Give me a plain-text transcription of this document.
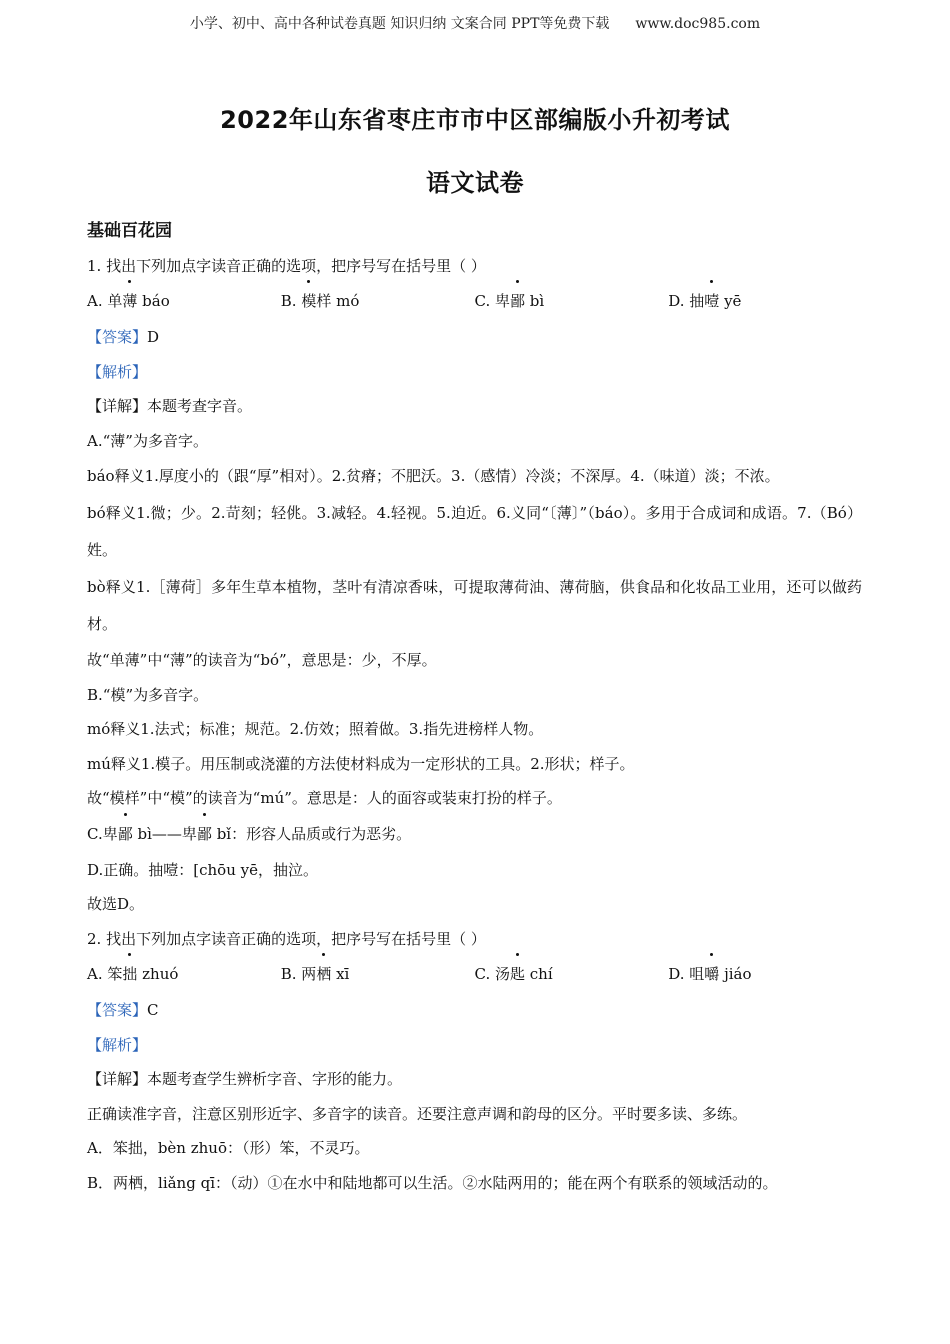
小学、初中、高中各种试卷真题 知识归纳 文案合同 PPT等免费下载 www.doc985.com
2022年山东省枣庄市市中区部编版小升初考试
语文试卷
基础百花园
1. 找出下列加点字读音正确的选项，把序号写在括号里（ ）
A. 单薄 báo	B. 模样 mó	C. 卑鄙 bì	D. 抽噎 yē
【答案】D
【解析】
【详解】本题考查字音。
A.“薄”为多音字。
báo释义1.厚度小的（跟“厚”相对）。2.贫瘠；不肥沃。3.（感情）冷淡；不深厚。4.（味道）淡；不浓。
bó释义1.微；少。2.苛刻；轻佻。3.减轻。4.轻视。5.迫近。6.义同“〔薄〕”（báo）。多用于合成词和成语。7.（Bó）姓。
bò释义1.［薄荷］多年生草本植物，茎叶有清凉香味，可提取薄荷油、薄荷脑，供食品和化妆品工业用，还可以做药材。
故“单薄”中“薄”的读音为“bó”，意思是：少，不厚。
B.“模”为多音字。
mó释义1.法式；标准；规范。2.仿效；照着做。3.指先进榜样人物。
mú释义1.模子。用压制或浇灌的方法使材料成为一定形状的工具。2.形状；样子。
故“模样”中“模”的读音为“mú”。意思是：人的面容或装束打扮的样子。
C.卑鄙 bì——卑鄙 bǐ：形容人品质或行为恶劣。
D.正确。抽噎：[chōu yē，抽泣。
故选D。
2. 找出下列加点字读音正确的选项，把序号写在括号里（ ）
A. 笨拙 zhuó	B. 两栖 xī	C. 汤匙 chí	D. 咀嚼 jiáo
【答案】C
【解析】
【详解】本题考查学生辨析字音、字形的能力。
正确读准字音，注意区别形近字、多音字的读音。还要注意声调和韵母的区分。平时要多读、多练。
A．笨拙，bèn zhuō：（形）笨，不灵巧。
B．两栖，liǎng qī：（动）①在水中和陆地都可以生活。②水陆两用的；能在两个有联系的领域活动的。
